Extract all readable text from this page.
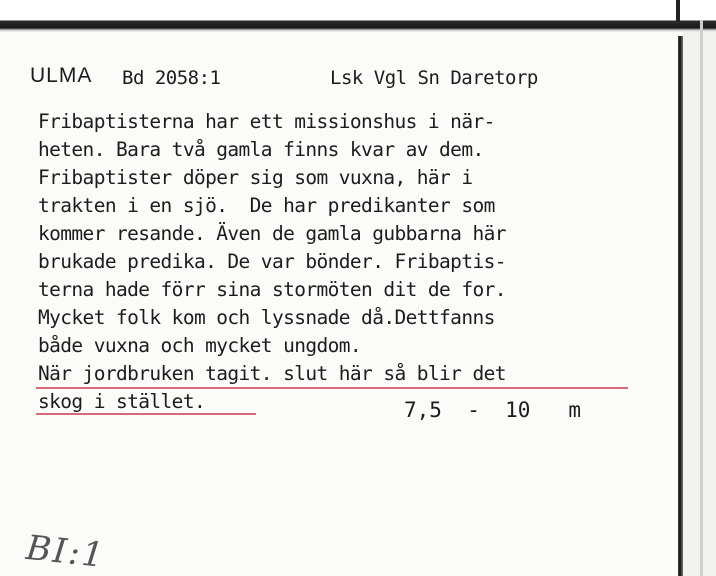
ULMA Bd 2058:1	Lsk Vgl Sn Daretorp
Fribaptisterna har ett missionshus i när-
heten. Bara två gamla finns kvar av dem.
Fribaptister döper sig som vuxna, här i
trakten i en sjö.  De har predikanter som
kommer resande. Även de gamla gubbarna här
brukade predika. De var bönder. Fribaptis-
terna hade förr sina stormöten dit de for.
Mycket folk kom och lyssnade då.Dettfanns
både vuxna och mycket ungdom.
När jordbruken tagit. slut här så blir det
skog i stället.	7,5  -  10   m
BI:1
